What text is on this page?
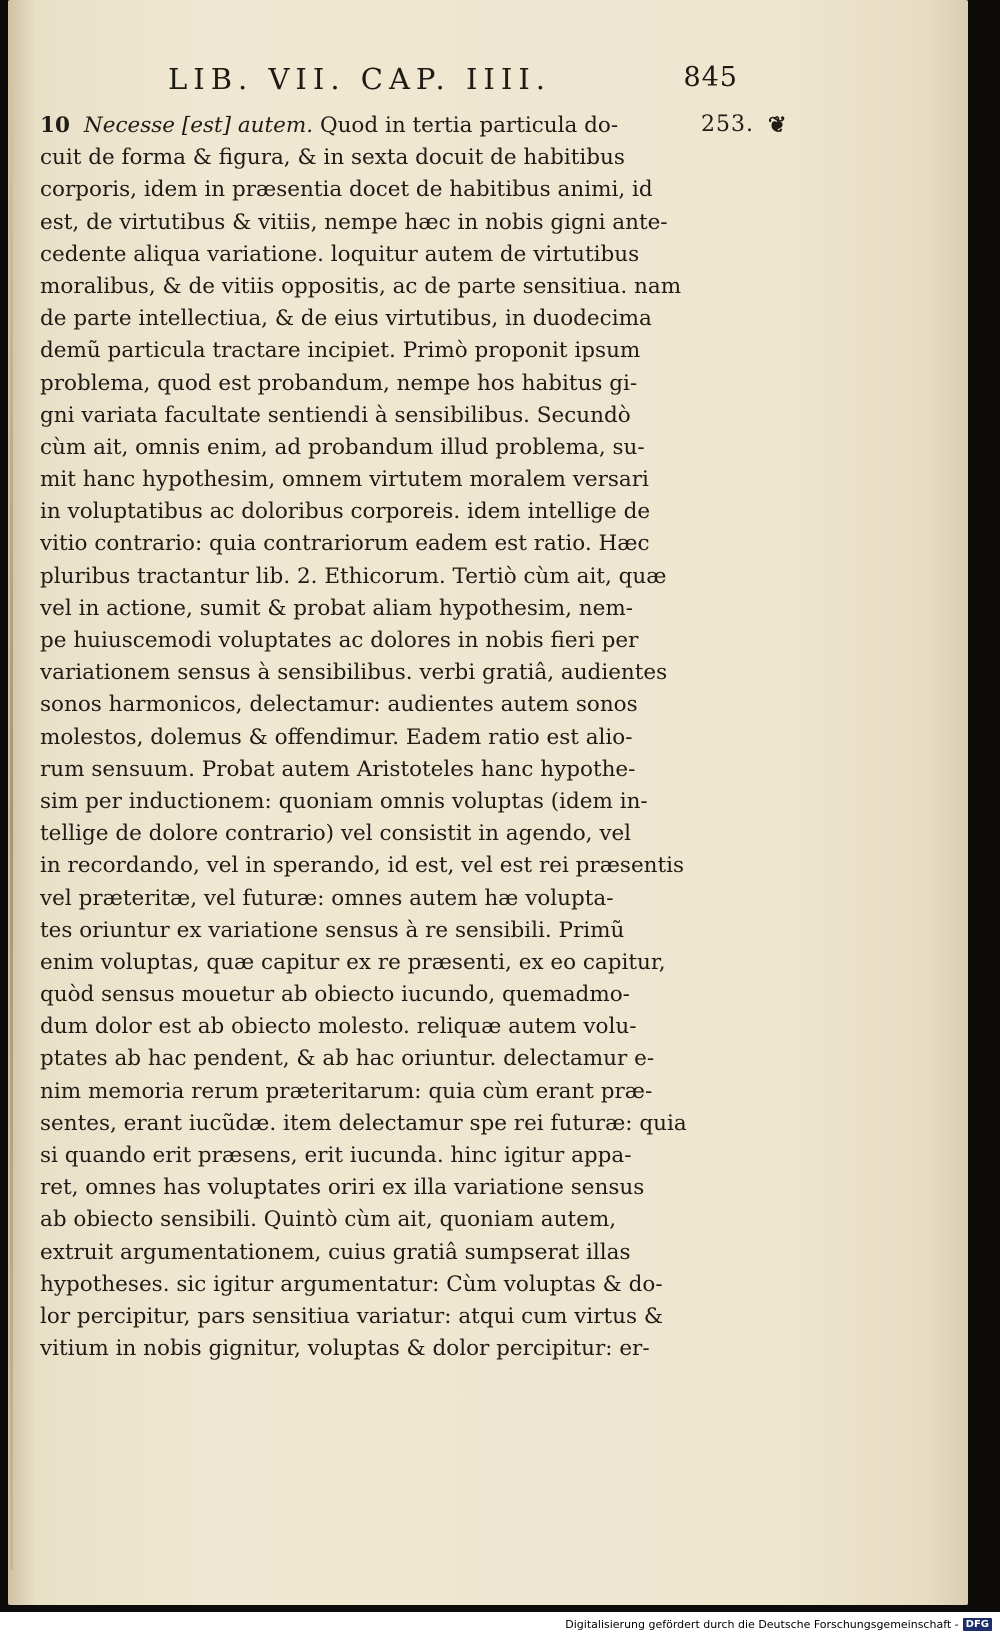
LIB. VII. CAP. IIII.	845
10 Necesse [est] autem. Quod in tertia particula do-
cuit de forma & figura, & in sexta docuit de habitibus
corporis, idem in præsentia docet de habitibus animi, id
est, de virtutibus & vitiis, nempe hæc in nobis gigni ante-
cedente aliqua variatione. loquitur autem de virtutibus
moralibus, & de vitiis oppositis, ac de parte sensitiua. nam
de parte intellectiua, & de eius virtutibus, in duodecima
demũ particula tractare incipiet. Primò proponit ipsum
problema, quod est probandum, nempe hos habitus gi-
gni variata facultate sentiendi à sensibilibus. Secundò
cùm ait, omnis enim, ad probandum illud problema, su-
mit hanc hypothesim, omnem virtutem moralem versari
in voluptatibus ac doloribus corporeis. idem intellige de
vitio contrario: quia contrariorum eadem est ratio. Hæc
pluribus tractantur lib. 2. Ethicorum. Tertiò cùm ait, quæ
vel in actione, sumit & probat aliam hypothesim, nem-
pe huiuscemodi voluptates ac dolores in nobis fieri per
variationem sensus à sensibilibus. verbi gratiâ, audientes
sonos harmonicos, delectamur: audientes autem sonos
molestos, dolemus & offendimur. Eadem ratio est alio-
rum sensuum. Probat autem Aristoteles hanc hypothe-
sim per inductionem: quoniam omnis voluptas (idem in-
tellige de dolore contrario) vel consistit in agendo, vel
in recordando, vel in sperando, id est, vel est rei præsentis
vel præteritæ, vel futuræ: omnes autem hæ volupta-
tes oriuntur ex variatione sensus à re sensibili. Primũ
enim voluptas, quæ capitur ex re præsenti, ex eo capitur,
quòd sensus mouetur ab obiecto iucundo, quemadmo-
dum dolor est ab obiecto molesto. reliquæ autem volu-
ptates ab hac pendent, & ab hac oriuntur. delectamur e-
nim memoria rerum præteritarum: quia cùm erant præ-
sentes, erant iucũdæ. item delectamur spe rei futuræ: quia
si quando erit præsens, erit iucunda. hinc igitur appa-
ret, omnes has voluptates oriri ex illa variatione sensus
ab obiecto sensibili. Quintò cùm ait, quoniam autem,
extruit argumentationem, cuius gratiâ sumpserat illas
hypotheses. sic igitur argumentatur: Cùm voluptas & do-
lor percipitur, pars sensitiua variatur: atqui cum virtus &
vitium in nobis gignitur, voluptas & dolor percipitur: er-
253. ❦
Digitalisierung gefördert durch die Deutsche Forschungsgemeinschaft - DFG
